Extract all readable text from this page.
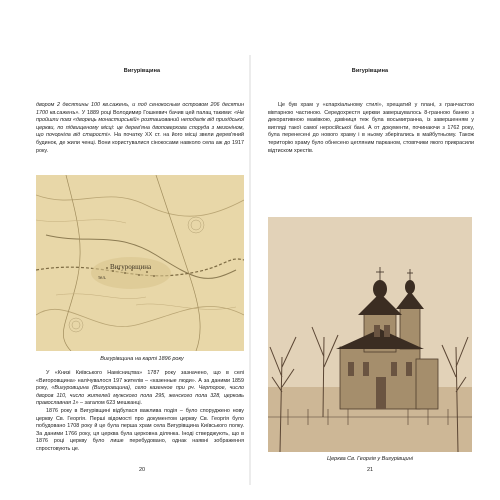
Вигурівщина

двором 2 десятины 100 кв.саженъ, и под сенокосным островом 206 десятин 1700 кв.саженъ». У 1889 році Володимир Гошкевич бачив цей палац такими: «Не пройшли повз «дворець монастирській» розташований неподалік від прихідської церкви, по підвищеному місці: це дерев'яна двоповерхова споруда з мезоніном, що почорніла від старості». На початку XX ст. на його місці звели дерев'яний будинок, де жили ченці. Вони користувалися сінокосами навколо села аж до 1917 року.

Вигуровщина
тел.
Вигурівщина на карті 1896 року

У «Книзі Київського Намісництва» 1787 року зазначено, що в селі «Вигоровщина» налічувалося 197 жителів – «казенные люди». А за даними 1859 року, «Вигуровщина (Вигуровщина), село казенное при рч. Черторое, число дворов 110, число жителей мужского пола 295, женского пола 328, церковь православная 1» – загалом 623 мешканці.

1876 року в Вигурівщині відбулася важлива подія – було споруджено нову церкву Св. Георгія. Перші відомості про документом церкву Св. Георгія було побудовано 1708 року й це була перша храм села Вигурівщина Київського полку. За даними 1766 року, ця церква була церковна ділянка. Іноді стверджують, що в 1876 році церкву було лише перебудовано, однак наявні зображення спростовують це.

20
Вигурівщина

Це був храм у «єпархіальному стилі», хрещатий у плані, з гранчастою вівтарною частиною. Середохрестя церкви завершувалось 8-гранною банею з декоративною маківкою, дзвіниця теж була восьмигранна, із завершенням у вигляді такої самої неросійської бані. А от документи, починаючи з 1762 року, була перенесені до нового храму і в ньому зберігались в майбутньому. Також територію храму було обнесено цегляним парканом, стовпчики якого прикрасили відтиском хрестів.

Церква Св. Георгія у Вигурівщині
21
